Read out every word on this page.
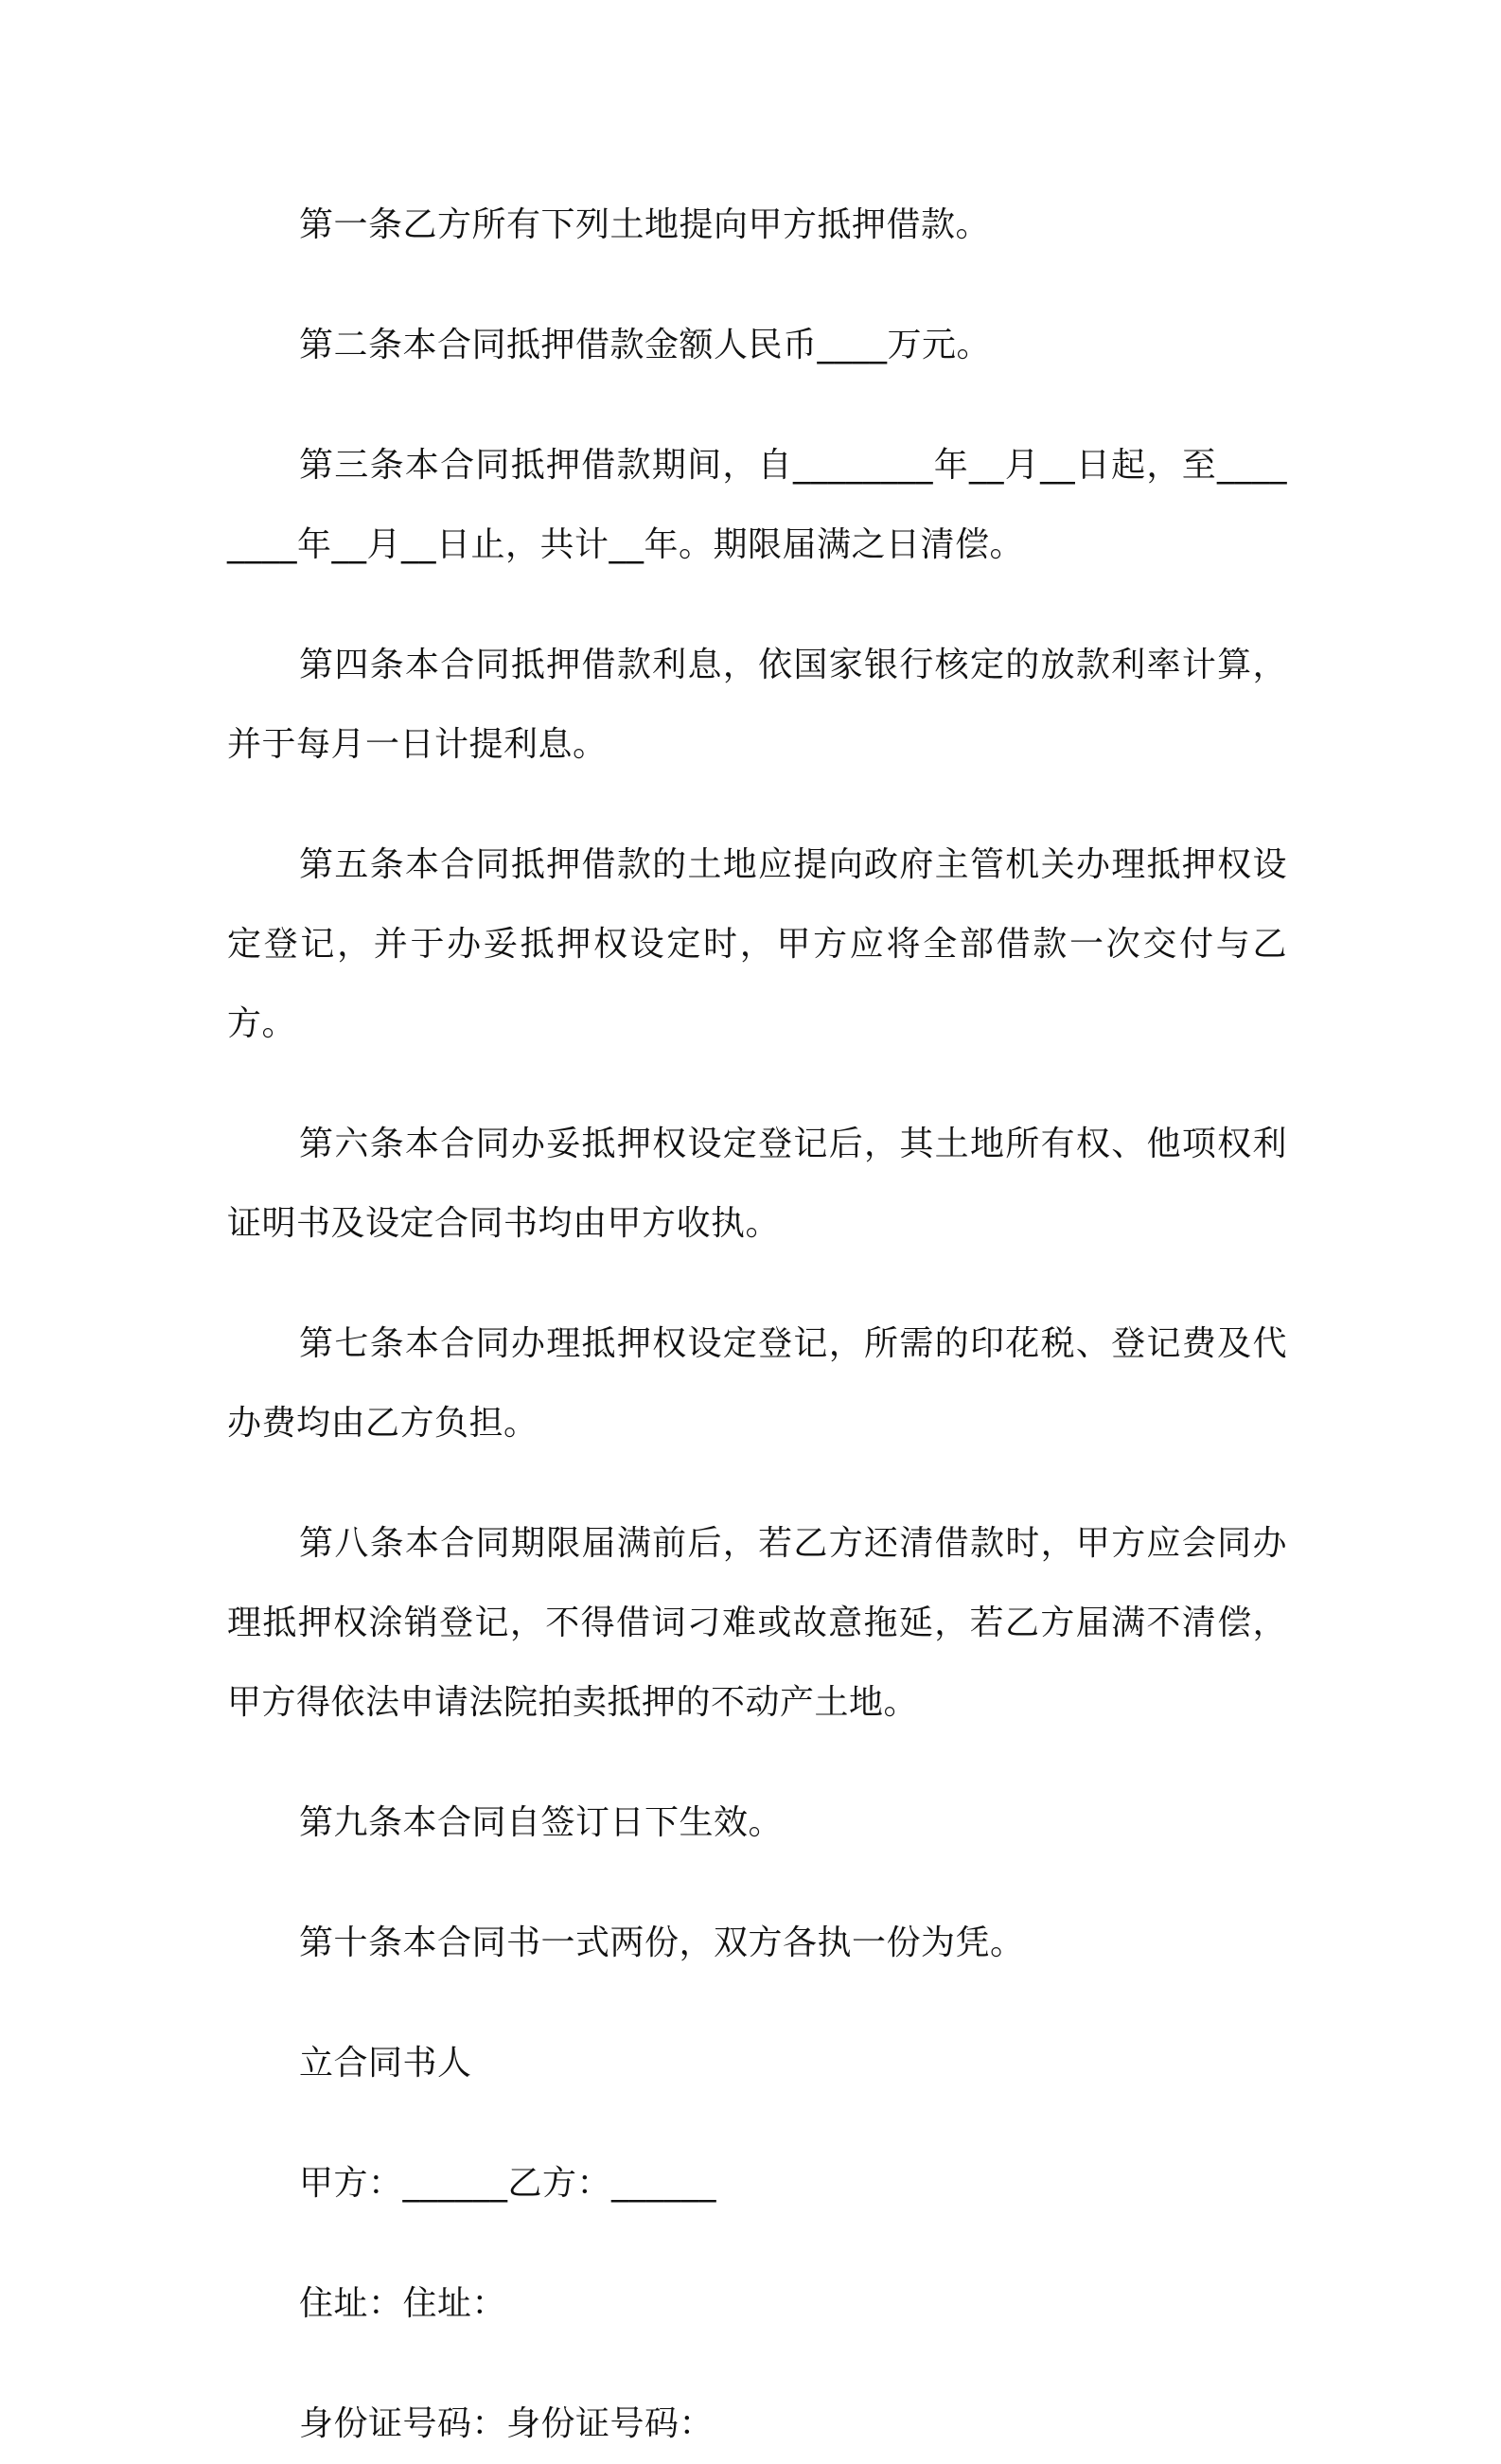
第一条乙方所有下列土地提向甲方抵押借款。

第二条本合同抵押借款金额人民币____万元。

第三条本合同抵押借款期间，自________年__月__日起，至________年__月__日止，共计__年。期限届满之日清偿。

第四条本合同抵押借款利息，依国家银行核定的放款利率计算，并于每月一日计提利息。

第五条本合同抵押借款的土地应提向政府主管机关办理抵押权设定登记，并于办妥抵押权设定时，甲方应将全部借款一次交付与乙方。

第六条本合同办妥抵押权设定登记后，其土地所有权、他项权利证明书及设定合同书均由甲方收执。

第七条本合同办理抵押权设定登记，所需的印花税、登记费及代办费均由乙方负担。

第八条本合同期限届满前后，若乙方还清借款时，甲方应会同办理抵押权涂销登记，不得借词刁难或故意拖延，若乙方届满不清偿，甲方得依法申请法院拍卖抵押的不动产土地。

第九条本合同自签订日下生效。

第十条本合同书一式两份，双方各执一份为凭。

立合同书人

甲方：______乙方：______

住址：住址：

身份证号码：身份证号码：
